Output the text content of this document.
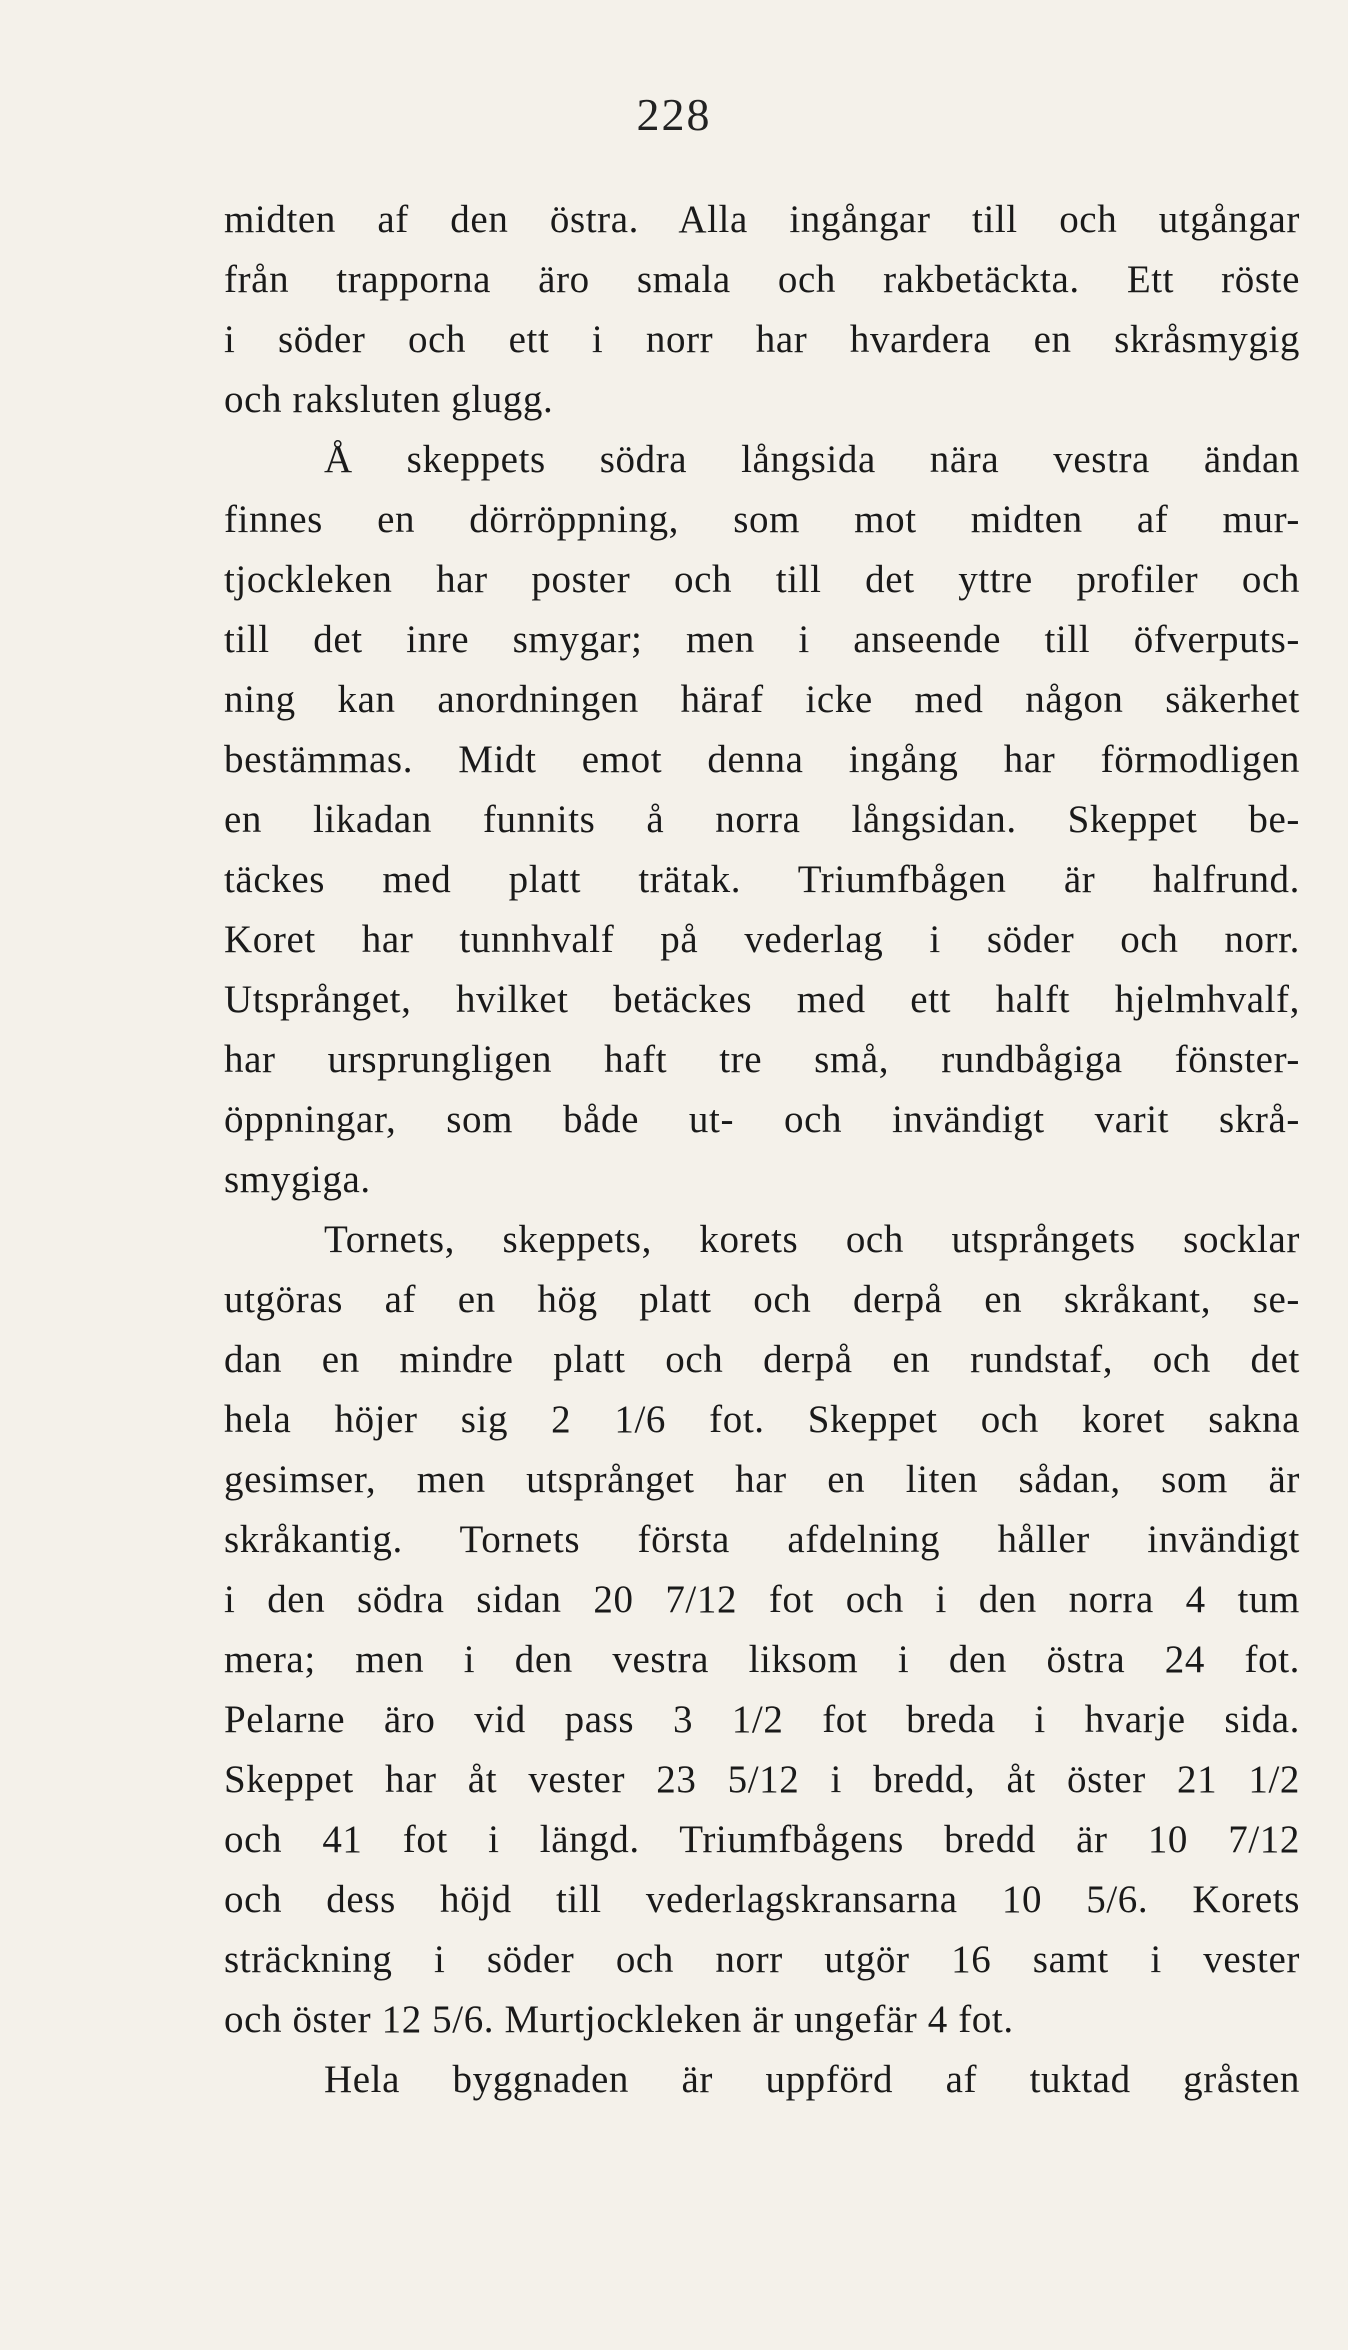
228
midten af den östra. Alla ingångar till och utgångar
från trapporna äro smala och rakbetäckta. Ett röste
i söder och ett i norr har hvardera en skråsmygig
och raksluten glugg.
Å skeppets södra långsida nära vestra ändan
finnes en dörröppning, som mot midten af mur-
tjockleken har poster och till det yttre profiler och
till det inre smygar; men i anseende till öfverputs-
ning kan anordningen häraf icke med någon säkerhet
bestämmas. Midt emot denna ingång har förmodligen
en likadan funnits å norra långsidan. Skeppet be-
täckes med platt trätak. Triumfbågen är halfrund.
Koret har tunnhvalf på vederlag i söder och norr.
Utsprånget, hvilket betäckes med ett halft hjelmhvalf,
har ursprungligen haft tre små, rundbågiga fönster-
öppningar, som både ut- och invändigt varit skrå-
smygiga.
Tornets, skeppets, korets och utsprångets socklar
utgöras af en hög platt och derpå en skråkant, se-
dan en mindre platt och derpå en rundstaf, och det
hela höjer sig 2 1/6 fot. Skeppet och koret sakna
gesimser, men utsprånget har en liten sådan, som är
skråkantig. Tornets första afdelning håller invändigt
i den södra sidan 20 7/12 fot och i den norra 4 tum
mera; men i den vestra liksom i den östra 24 fot.
Pelarne äro vid pass 3 1/2 fot breda i hvarje sida.
Skeppet har åt vester 23 5/12 i bredd, åt öster 21 1/2
och 41 fot i längd. Triumfbågens bredd är 10 7/12
och dess höjd till vederlagskransarna 10 5/6. Korets
sträckning i söder och norr utgör 16 samt i vester
och öster 12 5/6. Murtjockleken är ungefär 4 fot.
Hela byggnaden är uppförd af tuktad gråsten
